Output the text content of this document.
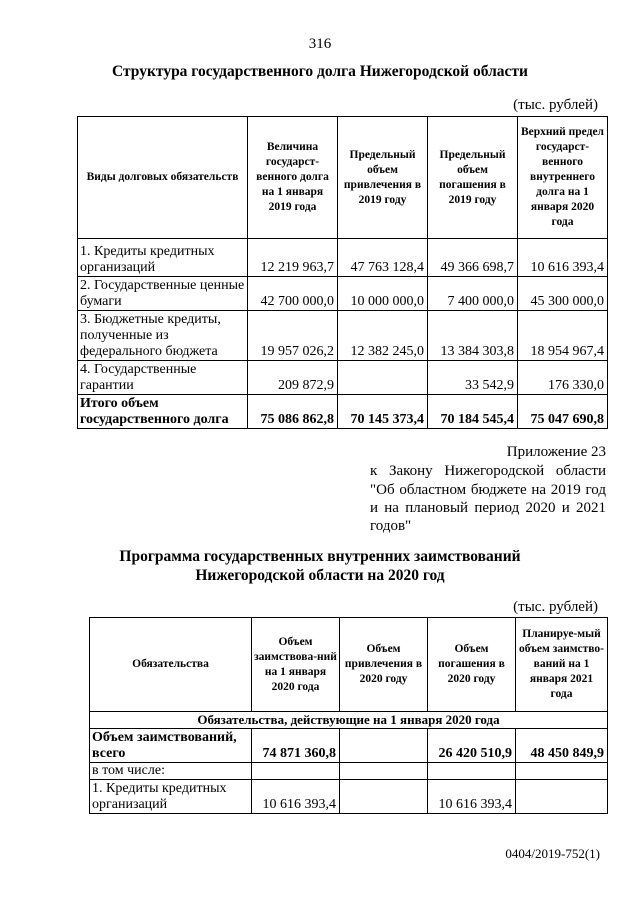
316
Структура государственного долга Нижегородской области
(тыс. рублей)
Виды долговых обязательств	Величина государст-венного долга на 1 января 2019 года	Предельный объем привлечения в 2019 году	Предельный объем погашения в 2019 году	Верхний предел государст-венного внутреннего долга на 1 января 2020 года
1. Кредиты кредитных организаций	12 219 963,7	47 763 128,4	49 366 698,7	10 616 393,4
2. Государственные ценные бумаги	42 700 000,0	10 000 000,0	7 400 000,0	45 300 000,0
3. Бюджетные кредиты, полученные из федерального бюджета	19 957 026,2	12 382 245,0	13 384 303,8	18 954 967,4
4. Государственные гарантии	209 872,9		33 542,9	176 330,0
Итого объем государственного долга	75 086 862,8	70 145 373,4	70 184 545,4	75 047 690,8
Приложение 23
к Закону Нижегородской области
"Об областном бюджете на 2019 год
и на плановый период 2020 и 2021
годов"
Программа государственных внутренних заимствований
Нижегородской области на 2020 год
(тыс. рублей)
Обязательства	Объем заимствова-ний на 1 января 2020 года	Объем привлечения в 2020 году	Объем погашения в 2020 году	Планируе-мый объем заимство-ваний на 1 января 2021 года
Обязательства, действующие на 1 января 2020 года				
Объем заимствований, всего	74 871 360,8		26 420 510,9	48 450 849,9
в том числе:				
1. Кредиты кредитных организаций	10 616 393,4		10 616 393,4	
0404/2019-752(1)
